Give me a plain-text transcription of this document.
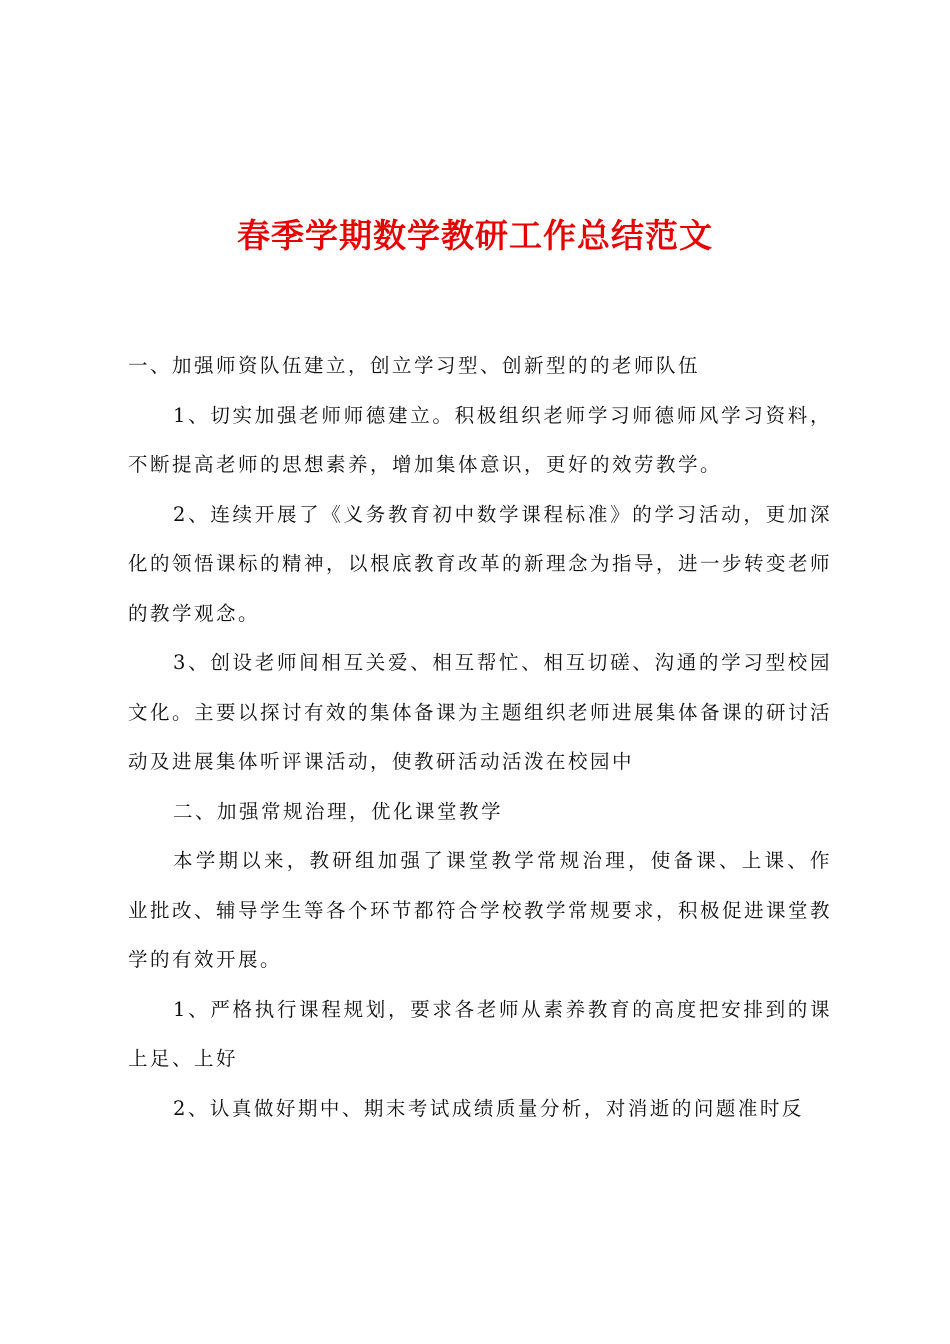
春季学期数学教研工作总结范文

一、加强师资队伍建立，创立学习型、创新型的的老师队伍

1、切实加强老师师德建立。积极组织老师学习师德师风学习资料，不断提高老师的思想素养，增加集体意识，更好的效劳教学。

2、连续开展了《义务教育初中数学课程标准》的学习活动，更加深化的领悟课标的精神，以根底教育改革的新理念为指导，进一步转变老师的教学观念。

3、创设老师间相互关爱、相互帮忙、相互切磋、沟通的学习型校园文化。主要以探讨有效的集体备课为主题组织老师进展集体备课的研讨活动及进展集体听评课活动，使教研活动活泼在校园中

二、加强常规治理，优化课堂教学

本学期以来，教研组加强了课堂教学常规治理，使备课、上课、作业批改、辅导学生等各个环节都符合学校教学常规要求，积极促进课堂教学的有效开展。

1、严格执行课程规划，要求各老师从素养教育的高度把安排到的课上足、上好

2、认真做好期中、期末考试成绩质量分析，对消逝的问题准时反
